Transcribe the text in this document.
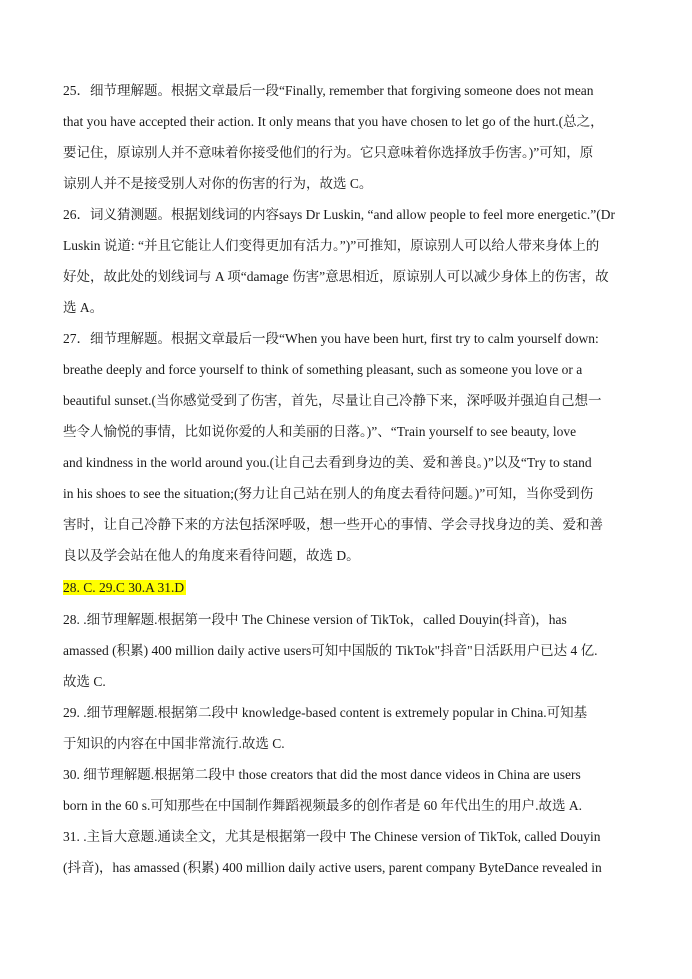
25．细节理解题。根据文章最后一段“Finally, remember that forgiving someone does not mean
that you have accepted their action. It only means that you have chosen to let go of the hurt.(总之，
要记住，原谅别人并不意味着你接受他们的行为。它只意味着你选择放手伤害。)”可知，原
谅别人并不是接受别人对你的伤害的行为，故选 C。
26．词义猜测题。根据划线词的内容says Dr Luskin, “and allow people to feel more energetic.”(Dr
Luskin 说道: “并且它能让人们变得更加有活力。”)”可推知，原谅别人可以给人带来身体上的
好处，故此处的划线词与 A 项“damage 伤害”意思相近，原谅别人可以减少身体上的伤害，故
选 A。
27．细节理解题。根据文章最后一段“When you have been hurt, first try to calm yourself down:
breathe deeply and force yourself to think of something pleasant, such as someone you love or a
beautiful sunset.(当你感觉受到了伤害，首先，尽量让自己冷静下来，深呼吸并强迫自己想一
些令人愉悦的事情，比如说你爱的人和美丽的日落。)”、“Train yourself to see beauty, love
and kindness in the world around you.(让自己去看到身边的美、爱和善良。)”以及“Try to stand
in his shoes to see the situation;(努力让自己站在别人的角度去看待问题。)”可知，当你受到伤
害时，让自己冷静下来的方法包括深呼吸，想一些开心的事情、学会寻找身边的美、爱和善
良以及学会站在他人的角度来看待问题，故选 D。
28. C. 29.C 30.A 31.D
28. .细节理解题.根据第一段中 The Chinese version of TikTok，called Douyin(抖音)，has
amassed (积累) 400 million daily active users可知中国版的 TikTok"抖音"日活跃用户已达 4 亿.
故选 C.
29. .细节理解题.根据第二段中 knowledge-based content is extremely popular in China.可知基
于知识的内容在中国非常流行.故选 C.
30. 细节理解题.根据第二段中 those creators that did the most dance videos in China are users
born in the 60 s.可知那些在中国制作舞蹈视频最多的创作者是 60 年代出生的用户.故选 A.
31. .主旨大意题.通读全文，尤其是根据第一段中 The Chinese version of TikTok, called Douyin
(抖音)，has amassed (积累) 400 million daily active users, parent company ByteDance revealed in
